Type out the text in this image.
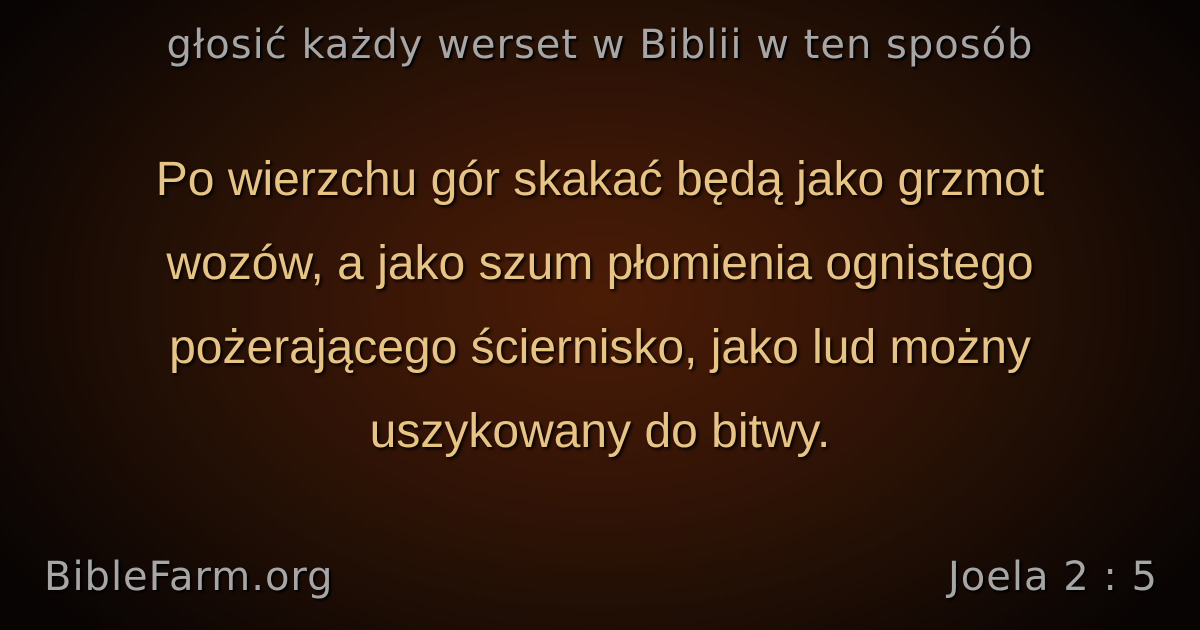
głosić każdy werset w Biblii w ten sposób
Po wierzchu gór skakać będą jako grzmot
wozów, a jako szum płomienia ognistego
pożerającego ściernisko, jako lud możny
uszykowany do bitwy.
BibleFarm.org	Joela 2 : 5
